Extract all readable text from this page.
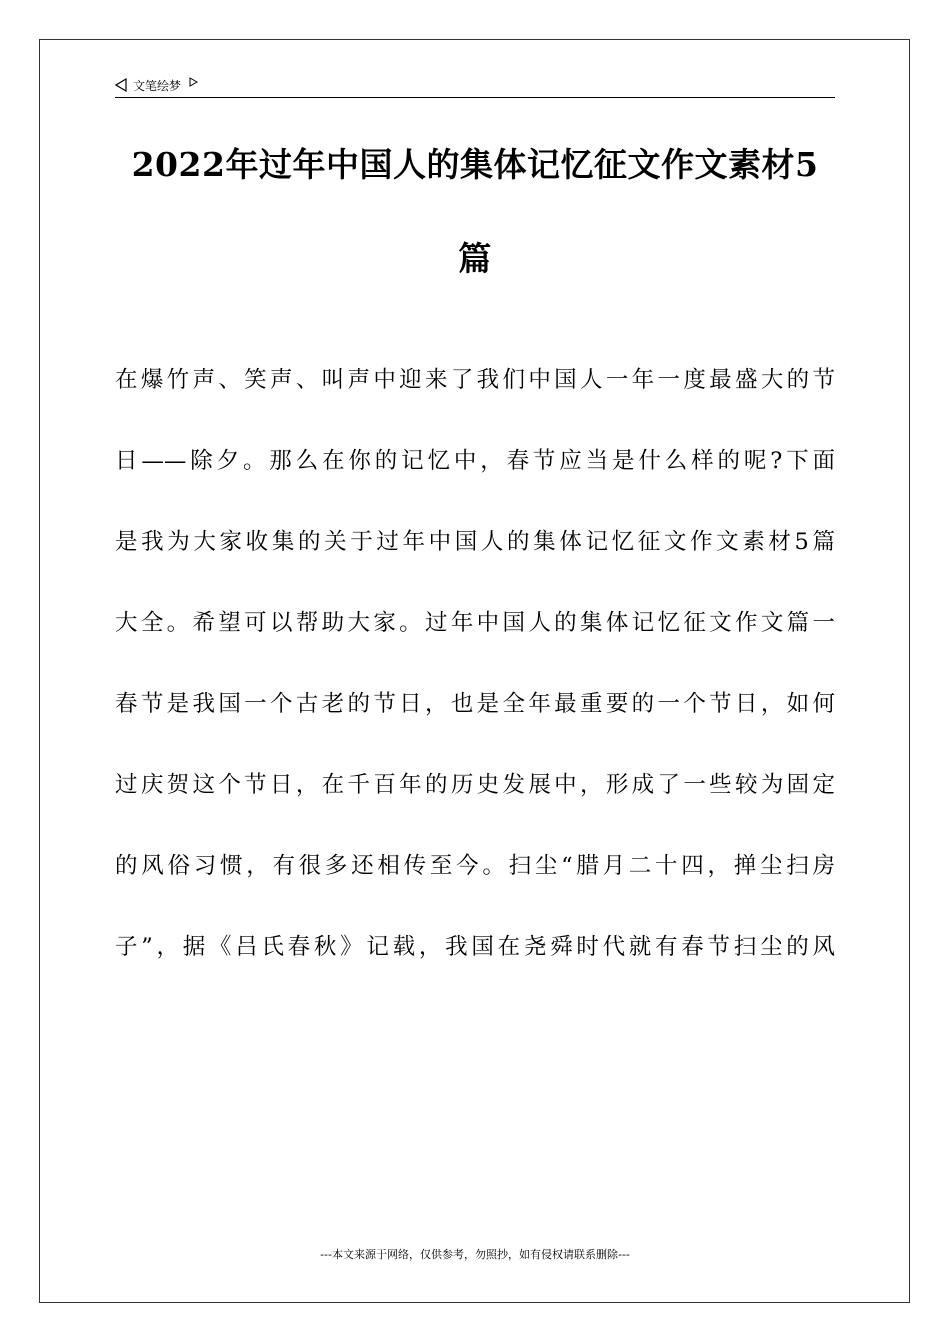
文笔绘梦
2022年过年中国人的集体记忆征文作文素材5
篇
在爆竹声、笑声、叫声中迎来了我们中国人一年一度最盛大的节
日——除夕。那么在你的记忆中，春节应当是什么样的呢?下面
是我为大家收集的关于过年中国人的集体记忆征文作文素材5篇
大全。希望可以帮助大家。过年中国人的集体记忆征文作文篇一
春节是我国一个古老的节日，也是全年最重要的一个节日，如何
过庆贺这个节日，在千百年的历史发展中，形成了一些较为固定
的风俗习惯，有很多还相传至今。扫尘“腊月二十四，掸尘扫房
子”，据《吕氏春秋》记载，我国在尧舜时代就有春节扫尘的风
---本文来源于网络，仅供参考，勿照抄，如有侵权请联系删除---
